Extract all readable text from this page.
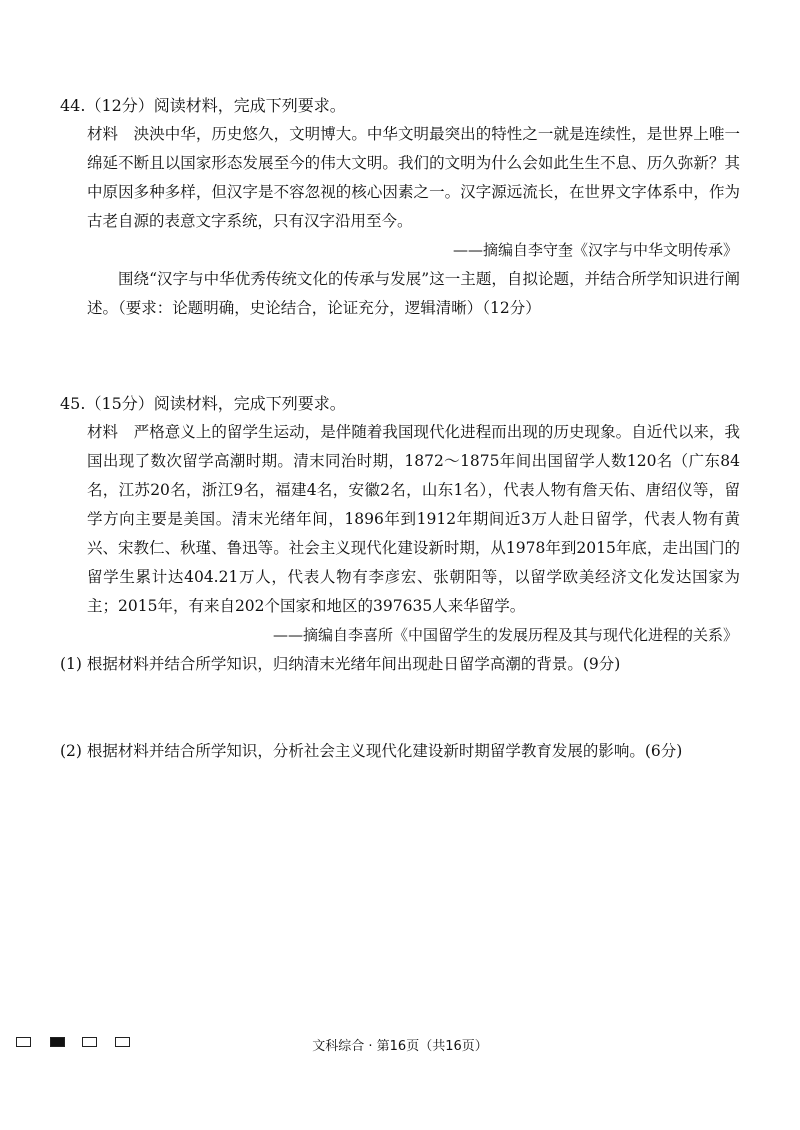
44.（12分）阅读材料，完成下列要求。
材料　泱泱中华，历史悠久，文明博大。中华文明最突出的特性之一就是连续性，是世界上唯一绵延不断且以国家形态发展至今的伟大文明。我们的文明为什么会如此生生不息、历久弥新？其中原因多种多样，但汉字是不容忽视的核心因素之一。汉字源远流长，在世界文字体系中，作为古老自源的表意文字系统，只有汉字沿用至今。
——摘编自李守奎《汉字与中华文明传承》
围绕“汉字与中华优秀传统文化的传承与发展”这一主题，自拟论题，并结合所学知识进行阐述。（要求：论题明确，史论结合，论证充分，逻辑清晰）（12分）
45.（15分）阅读材料，完成下列要求。
材料　严格意义上的留学生运动，是伴随着我国现代化进程而出现的历史现象。自近代以来，我国出现了数次留学高潮时期。清末同治时期，1872～1875年间出国留学人数120名（广东84名，江苏20名，浙江9名，福建4名，安徽2名，山东1名），代表人物有詹天佑、唐绍仪等，留学方向主要是美国。清末光绪年间，1896年到1912年期间近3万人赴日留学，代表人物有黄兴、宋教仁、秋瑾、鲁迅等。社会主义现代化建设新时期，从1978年到2015年底，走出国门的留学生累计达404.21万人，代表人物有李彦宏、张朝阳等，以留学欧美经济文化发达国家为主；2015年，有来自202个国家和地区的397635人来华留学。
——摘编自李喜所《中国留学生的发展历程及其与现代化进程的关系》
(1) 根据材料并结合所学知识，归纳清末光绪年间出现赴日留学高潮的背景。(9分)
(2) 根据材料并结合所学知识，分析社会主义现代化建设新时期留学教育发展的影响。(6分)
文科综合 · 第16页（共16页）
